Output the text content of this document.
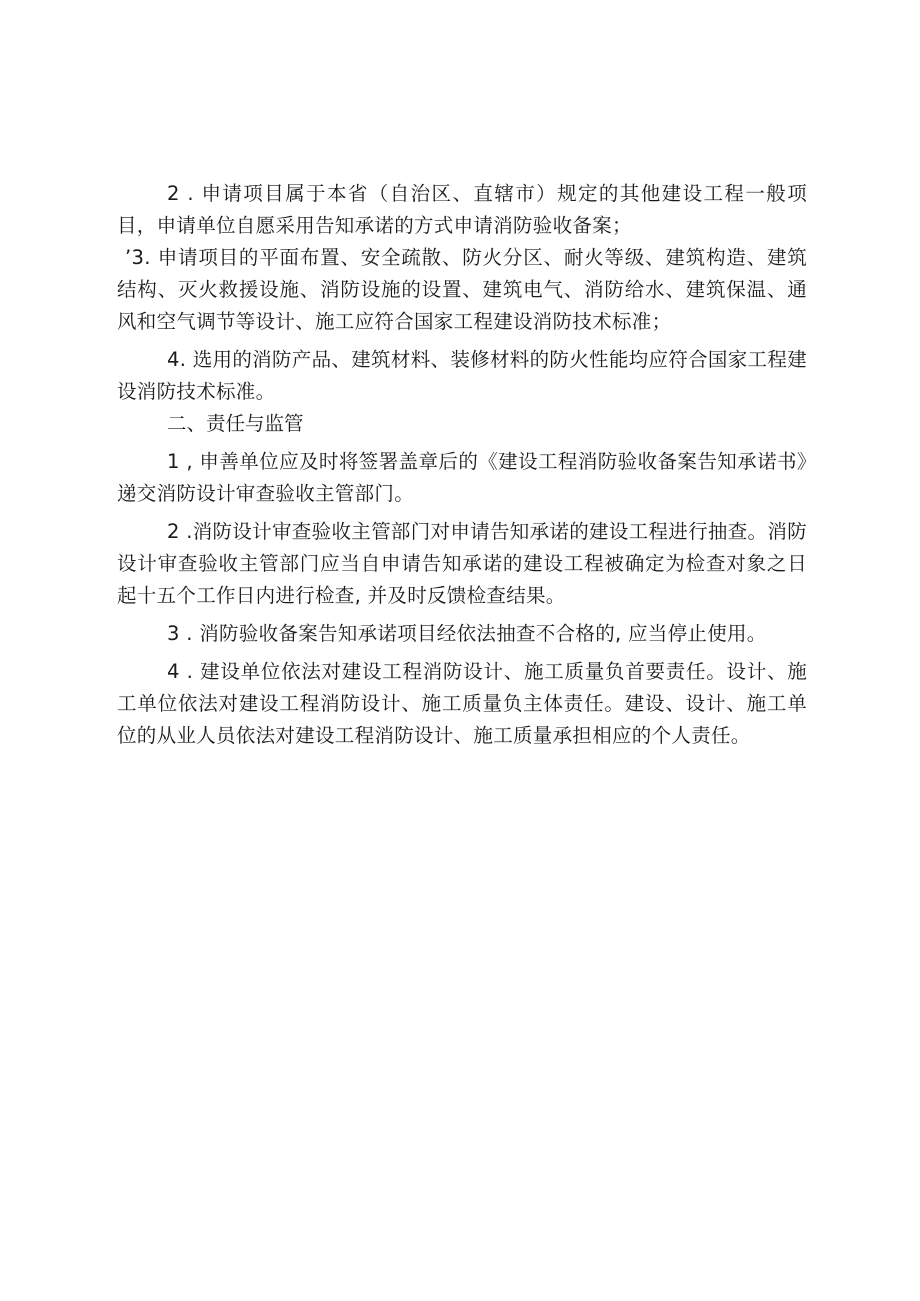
2 . 申请项目属于本省（自治区、直辖市）规定的其他建设工程一般项目，申请单位自愿采用告知承诺的方式申请消防验收备案；

’3. 申请项目的平面布置、安全疏散、防火分区、耐火等级、建筑构造、建筑结构、灭火救援设施、消防设施的设置、建筑电气、消防给水、建筑保温、通风和空气调节等设计、施工应符合国家工程建设消防技术标准；

4. 选用的消防产品、建筑材料、装修材料的防火性能均应符合国家工程建设消防技术标准。

二、责任与监管

1 , 申善单位应及时将签署盖章后的《建设工程消防验收备案告知承诺书》递交消防设计审查验收主管部门。

2 .消防设计审查验收主管部门对申请告知承诺的建设工程进行抽查。消防设计审查验收主管部门应当自申请告知承诺的建设工程被确定为检查对象之日起十五个工作日内进行检查, 并及时反馈检查结果。

3 . 消防验收备案告知承诺项目经依法抽查不合格的, 应当停止使用。

4 . 建设单位依法对建设工程消防设计、施工质量负首要责任。设计、施工单位依法对建设工程消防设计、施工质量负主体责任。建设、设计、施工单位的从业人员依法对建设工程消防设计、施工质量承担相应的个人责任。
